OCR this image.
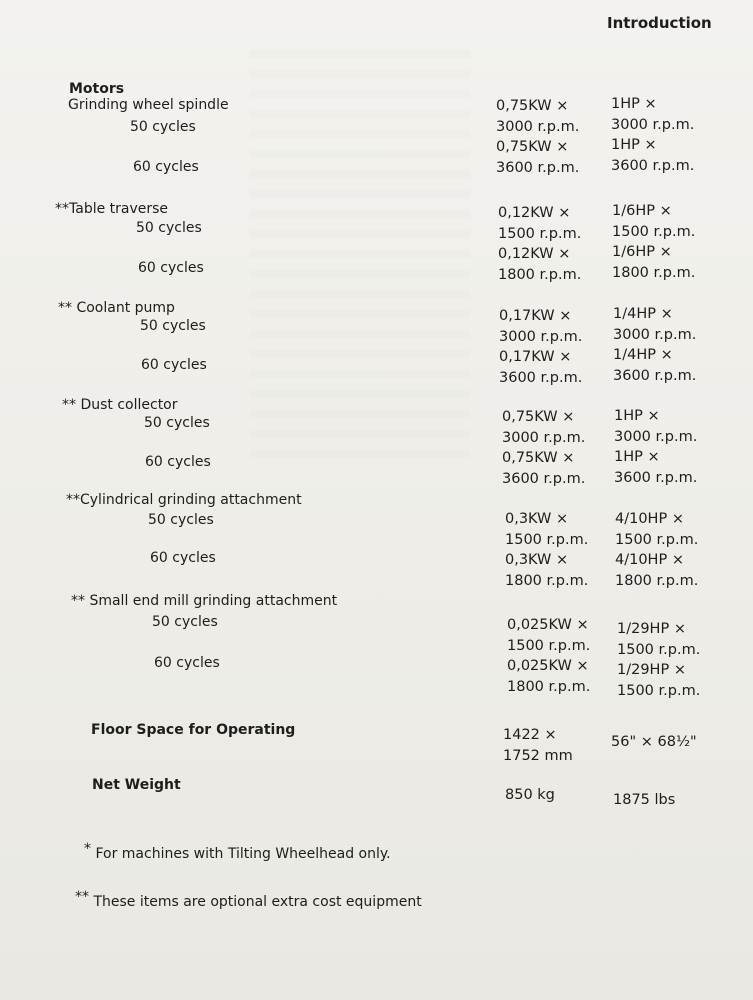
Introduction
Motors
Grinding wheel spindle
50 cycles
60 cycles
0,75KW ×
3000 r.p.m.
0,75KW ×
3600 r.p.m.
1HP ×
3000 r.p.m.
1HP ×
3600 r.p.m.
**Table traverse
50 cycles
60 cycles
0,12KW ×
1500 r.p.m.
0,12KW ×
1800 r.p.m.
1/6HP ×
1500 r.p.m.
1/6HP ×
1800 r.p.m.
** Coolant pump
50 cycles
60 cycles
0,17KW ×
3000 r.p.m.
0,17KW ×
3600 r.p.m.
1/4HP ×
3000 r.p.m.
1/4HP ×
3600 r.p.m.
** Dust collector
50 cycles
60 cycles
0,75KW ×
3000 r.p.m.
0,75KW ×
3600 r.p.m.
1HP ×
3000 r.p.m.
1HP ×
3600 r.p.m.
**Cylindrical grinding attachment
50 cycles
60 cycles
0,3KW ×
1500 r.p.m.
0,3KW ×
1800 r.p.m.
4/10HP ×
1500 r.p.m.
4/10HP ×
1800 r.p.m.
** Small end mill grinding attachment
50 cycles
60 cycles
0,025KW ×
1500 r.p.m.
0,025KW ×
1800 r.p.m.
1/29HP ×
1500 r.p.m.
1/29HP ×
1500 r.p.m.
Floor Space for Operating	1422 ×
1752 mm
56" × 68½"
Net Weight
850 kg	1875 lbs
* For machines with Tilting Wheelhead only.
** These items are optional extra cost equipment
